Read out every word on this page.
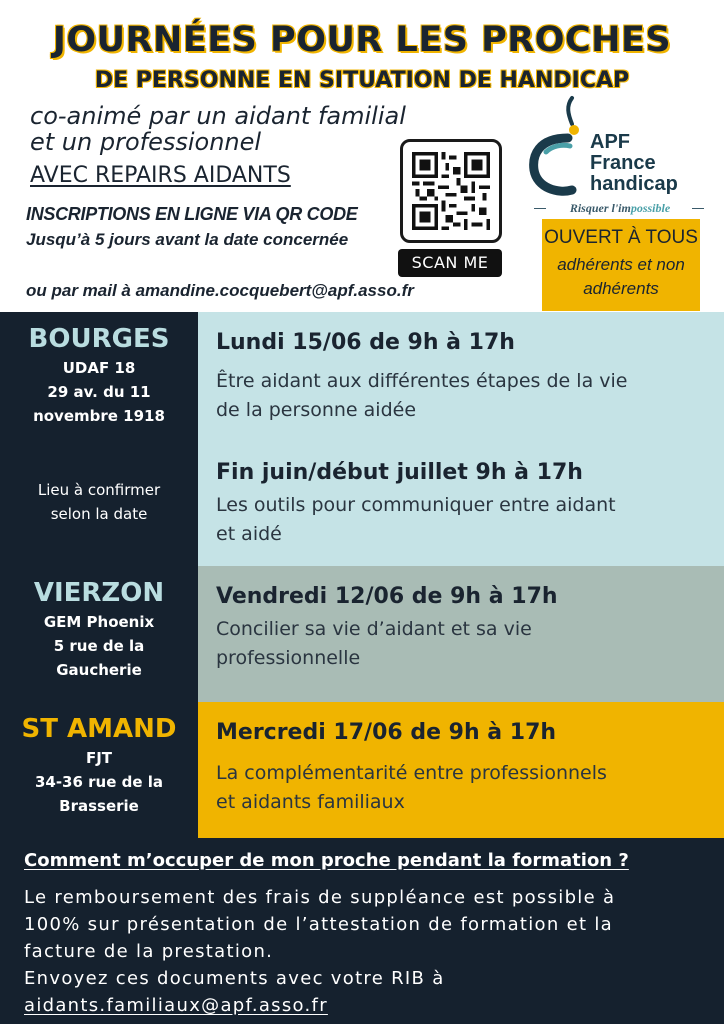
JOURNÉES POUR LES PROCHES
DE PERSONNE EN SITUATION DE HANDICAP
co-animé par un aidant familial
et un professionnel
AVEC REPAIRS AIDANTS
INSCRIPTIONS EN LIGNE VIA QR CODE
Jusqu’à 5 jours avant la date concernée
ou par mail à amandine.cocquebert@apf.asso.fr
SCAN ME
APF
France
handicap
Risquer l'impossible
OUVERT À TOUS
adhérents et non
adhérents
BOURGES
UDAF 18
29 av. du 11
novembre 1918
Lieu à confirmer
selon la date
Lundi 15/06 de 9h à 17h
Être aidant aux différentes étapes de la vie
de la personne aidée
Fin juin/début juillet 9h à 17h
Les outils pour communiquer entre aidant
et aidé
VIERZON
GEM Phoenix
5 rue de la
Gaucherie
Vendredi 12/06 de 9h à 17h
Concilier sa vie d’aidant et sa vie
professionnelle
ST AMAND
FJT
34-36 rue de la
Brasserie
Mercredi 17/06 de 9h à 17h
La complémentarité entre professionnels
et aidants familiaux
Comment m’occuper de mon proche pendant la formation ?
Le remboursement des frais de suppléance est possible à
100% sur présentation de l’attestation de formation et la
facture de la prestation.
Envoyez ces documents avec votre RIB à
aidants.familiaux@apf.asso.fr
